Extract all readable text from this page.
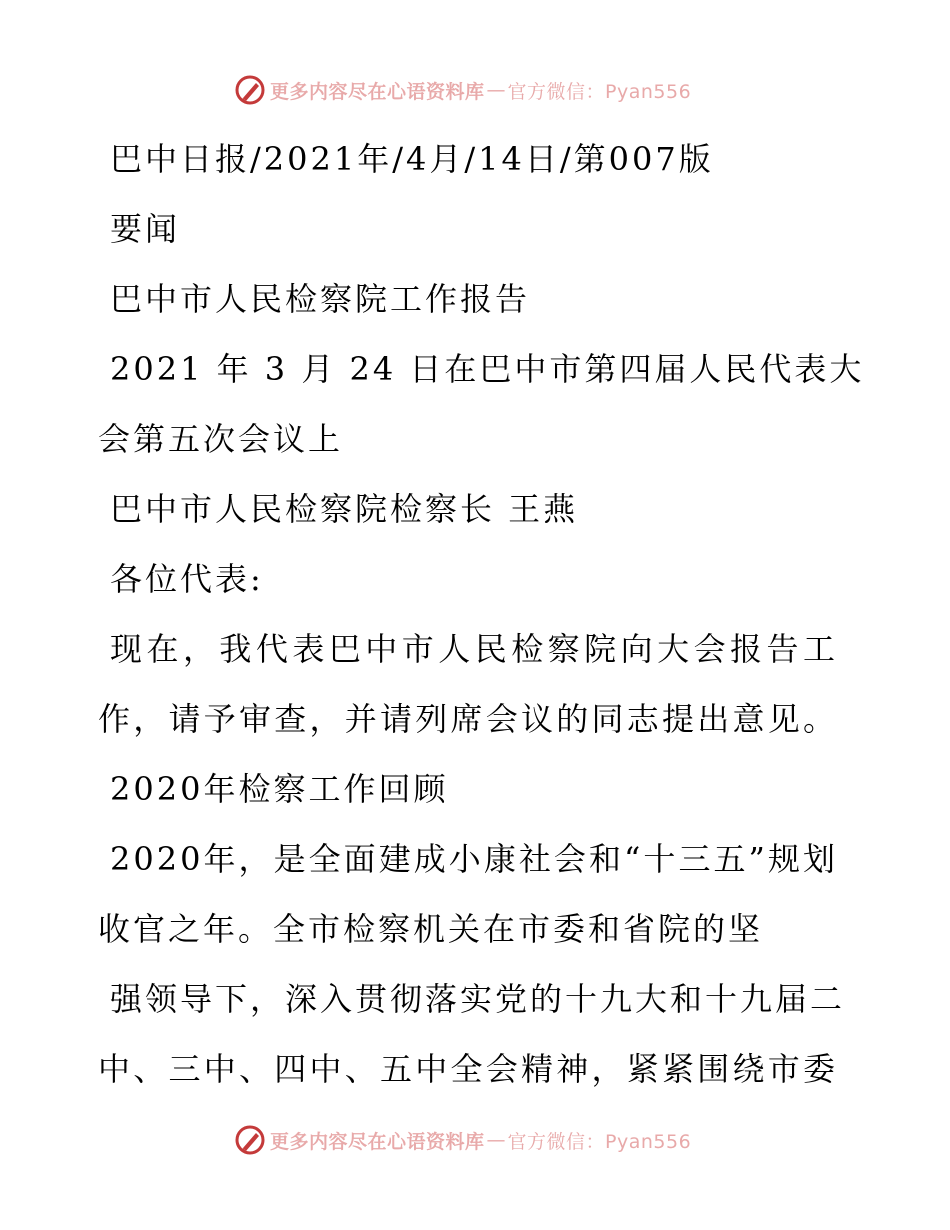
更多内容尽在心语资料库 — 官方微信：Pyan556
巴中日报/2021年/4月/14日/第007版
要闻
巴中市人民检察院工作报告
2021 年 3 月 24 日在巴中市第四届人民代表大
会第五次会议上
巴中市人民检察院检察长 王燕
各位代表:
现在，我代表巴中市人民检察院向大会报告工
作，请予审查，并请列席会议的同志提出意见。
2020年检察工作回顾
2020年，是全面建成小康社会和“十三五”规划
收官之年。全市检察机关在市委和省院的坚
强领导下，深入贯彻落实党的十九大和十九届二
中、三中、四中、五中全会精神，紧紧围绕市委
更多内容尽在心语资料库 — 官方微信：Pyan556
